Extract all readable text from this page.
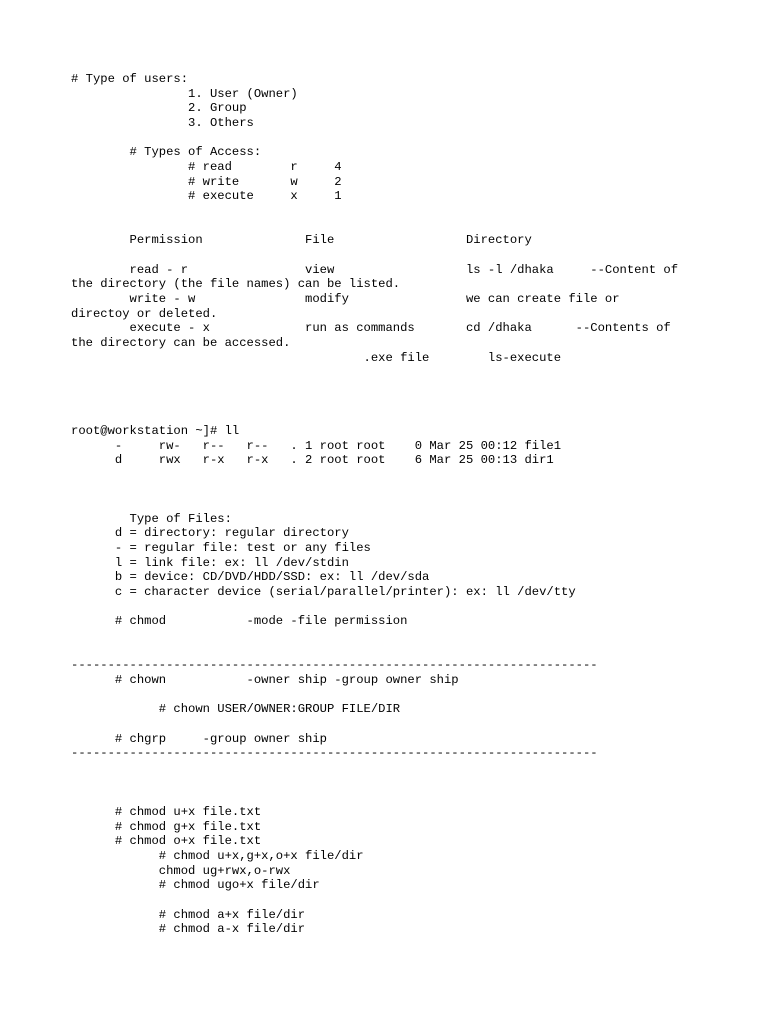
# Type of users:
1. User (Owner)
2. Group
3. Others
# Types of Access:
# read        r     4
# write       w     2
# execute     x     1
Permission              File                  Directory
read - r                view                  ls -l /dhaka     --Content of
the directory (the file names) can be listed.
write - w               modify                we can create file or
directoy or deleted.
execute - x             run as commands       cd /dhaka      --Contents of
the directory can be accessed.
.exe file        ls-execute
root@workstation ~]# ll
-     rw-   r--   r--   . 1 root root    0 Mar 25 00:12 file1
d     rwx   r-x   r-x   . 2 root root    6 Mar 25 00:13 dir1
Type of Files:
d = directory: regular directory
- = regular file: test or any files
l = link file: ex: ll /dev/stdin
b = device: CD/DVD/HDD/SSD: ex: ll /dev/sda
c = character device (serial/parallel/printer): ex: ll /dev/tty
# chmod           -mode -file permission
------------------------------------------------------------------------
# chown           -owner ship -group owner ship
# chown USER/OWNER:GROUP FILE/DIR
# chgrp     -group owner ship
------------------------------------------------------------------------
# chmod u+x file.txt
# chmod g+x file.txt
# chmod o+x file.txt
# chmod u+x,g+x,o+x file/dir
chmod ug+rwx,o-rwx
# chmod ugo+x file/dir
# chmod a+x file/dir
# chmod a-x file/dir
